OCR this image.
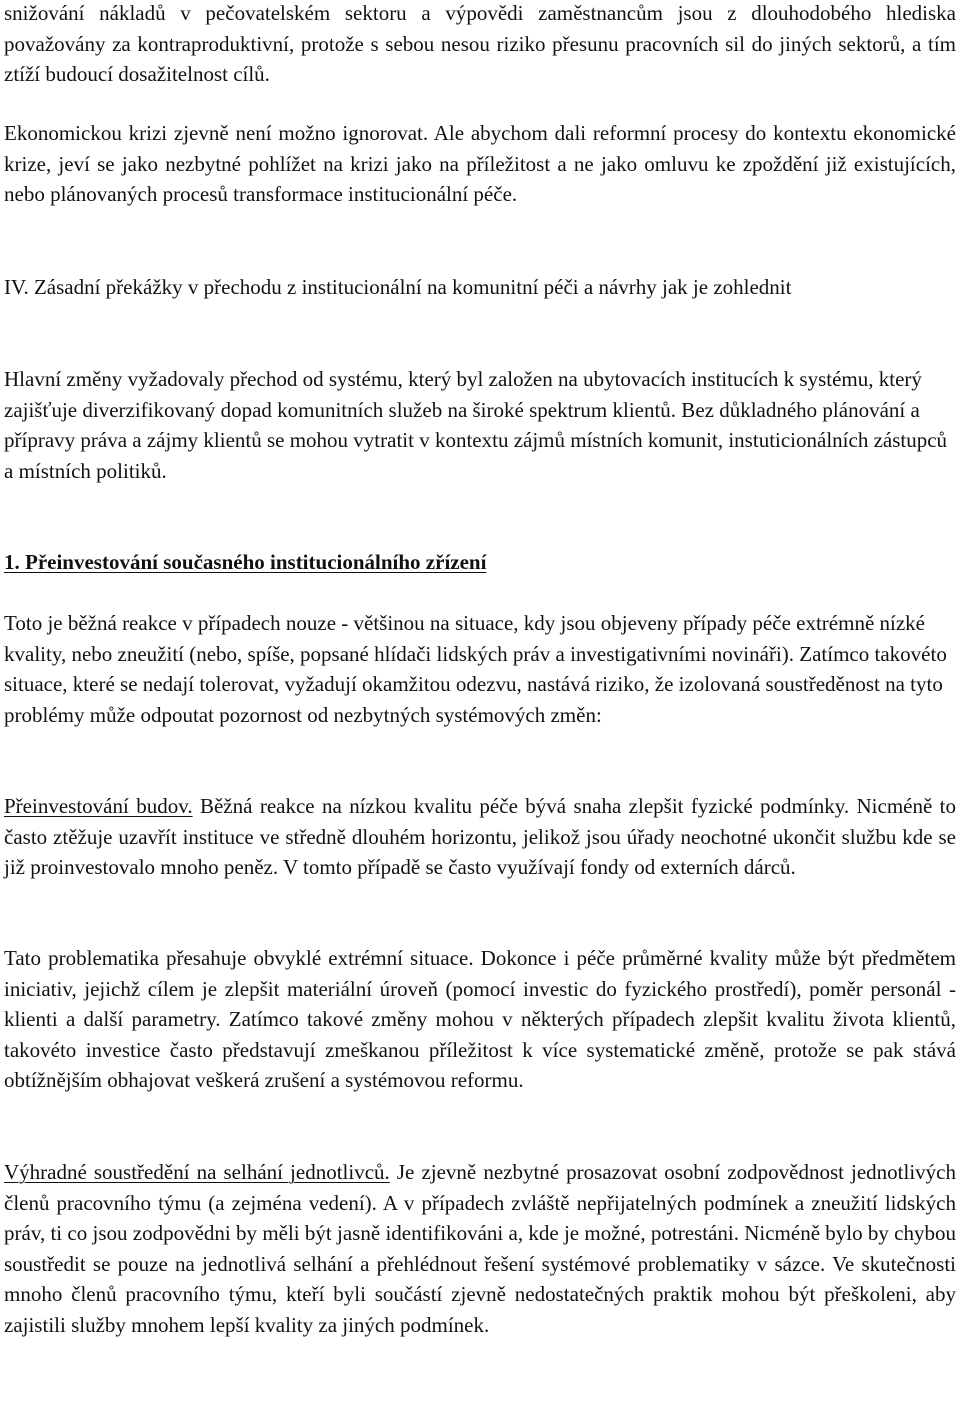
snižování nákladů v pečovatelském sektoru a výpovědi zaměstnancům jsou z dlouhodobého hlediska považovány za kontraproduktivní, protože s sebou nesou riziko přesunu pracovních sil do jiných sektorů, a tím ztíží budoucí dosažitelnost cílů.

Ekonomickou krizi zjevně není možno ignorovat. Ale abychom dali reformní procesy do kontextu ekonomické krize, jeví se jako nezbytné pohlížet na krizi jako na příležitost a ne jako omluvu ke zpoždění již existujících, nebo plánovaných procesů transformace institucionální péče.

IV. Zásadní překážky v přechodu z institucionální na komunitní péči a návrhy jak je zohlednit

Hlavní změny vyžadovaly přechod od systému, který byl založen na ubytovacích institucích k systému, který zajišťuje diverzifikovaný dopad komunitních služeb na široké spektrum klientů. Bez důkladného plánování a přípravy práva a zájmy klientů se mohou vytratit v kontextu zájmů místních komunit, instuticionálních zástupců a místních politiků.

1. Přeinvestování současného institucionálního zřízení

Toto je běžná reakce v případech nouze - většinou na situace, kdy jsou objeveny případy péče extrémně nízké kvality, nebo zneužití (nebo, spíše, popsané hlídači lidských práv a investigativními novináři). Zatímco takovéto situace, které se nedají tolerovat, vyžadují okamžitou odezvu, nastává riziko, že izolovaná soustředěnost na tyto problémy může odpoutat pozornost od nezbytných systémových změn:

Přeinvestování budov. Běžná reakce na nízkou kvalitu péče bývá snaha zlepšit fyzické podmínky. Nicméně to často ztěžuje uzavřít instituce ve středně dlouhém horizontu, jelikož jsou úřady neochotné ukončit službu kde se již proinvestovalo mnoho peněz. V tomto případě se často využívají fondy od externích dárců.

Tato problematika přesahuje obvyklé extrémní situace. Dokonce i péče průměrné kvality může být předmětem iniciativ, jejichž cílem je zlepšit materiální úroveň (pomocí investic do fyzického prostředí), poměr personál - klienti a další parametry. Zatímco takové změny mohou v některých případech zlepšit kvalitu života klientů, takovéto investice často představují zmeškanou příležitost k více systematické změně, protože se pak stává obtížnějším obhajovat veškerá zrušení a systémovou reformu.

Výhradné soustředění na selhání jednotlivců. Je zjevně nezbytné prosazovat osobní zodpovědnost jednotlivých členů pracovního týmu (a zejména vedení). A v případech zvláště nepřijatelných podmínek a zneužití lidských práv, ti co jsou zodpovědni by měli být jasně identifikováni a, kde je možné, potrestáni. Nicméně bylo by chybou soustředit se pouze na jednotlivá selhání a přehlédnout řešení systémové problematiky v sázce. Ve skutečnosti mnoho členů pracovního týmu, kteří byli součástí zjevně nedostatečných praktik mohou být přeškoleni, aby zajistili služby mnohem lepší kvality za jiných podmínek.
